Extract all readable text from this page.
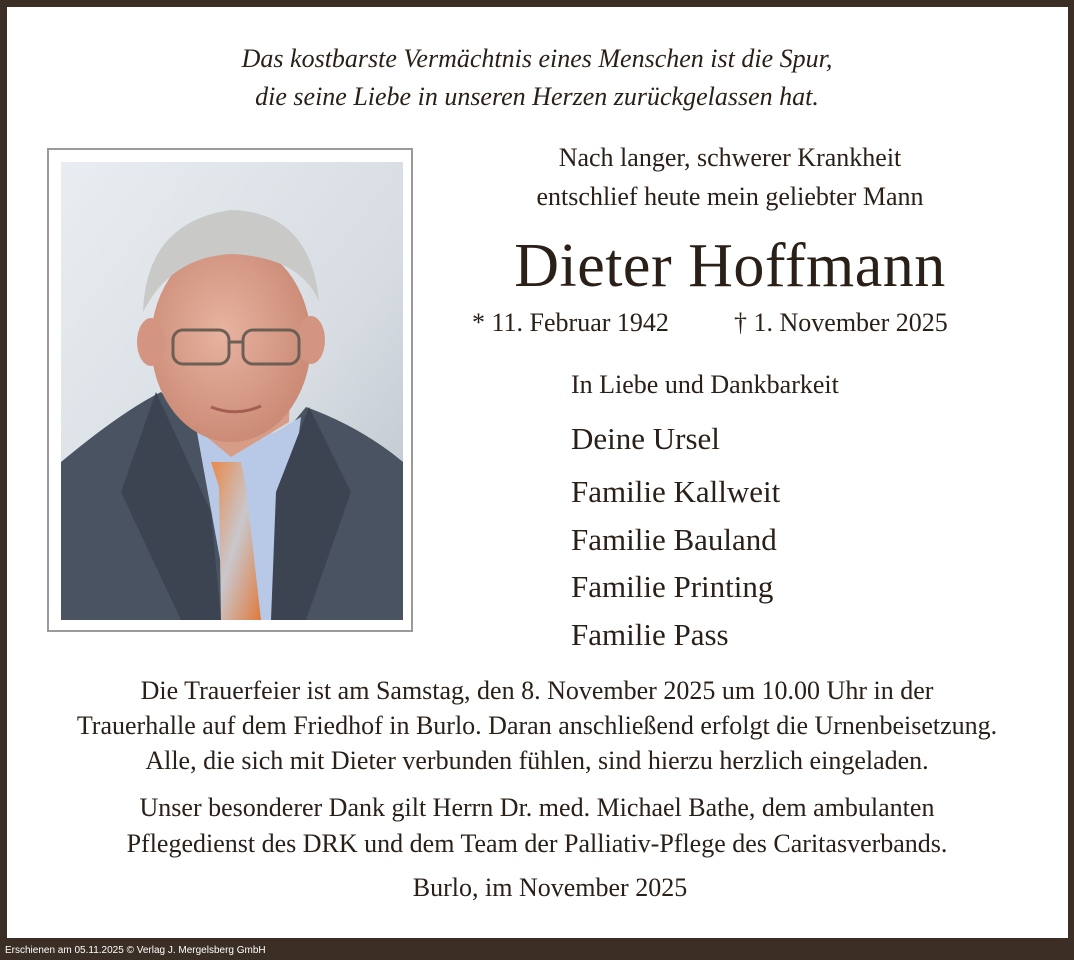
Das kostbarste Vermächtnis eines Menschen ist die Spur,
die seine Liebe in unseren Herzen zurückgelassen hat.
Nach langer, schwerer Krankheit
entschlief heute mein geliebter Mann
Dieter Hoffmann
* 11. Februar 1942	† 1. November 2025
In Liebe und Dankbarkeit
Deine Ursel
Familie Kallweit
Familie Bauland
Familie Printing
Familie Pass
Die Trauerfeier ist am Samstag, den 8. November 2025 um 10.00 Uhr in der
Trauerhalle auf dem Friedhof in Burlo. Daran anschließend erfolgt die Urnenbeisetzung.
Alle, die sich mit Dieter verbunden fühlen, sind hierzu herzlich eingeladen.
Unser besonderer Dank gilt Herrn Dr. med. Michael Bathe, dem ambulanten
Pflegedienst des DRK und dem Team der Palliativ-Pflege des Caritasverbands.
Burlo, im November 2025
Erschienen am 05.11.2025 © Verlag J. Mergelsberg GmbH
